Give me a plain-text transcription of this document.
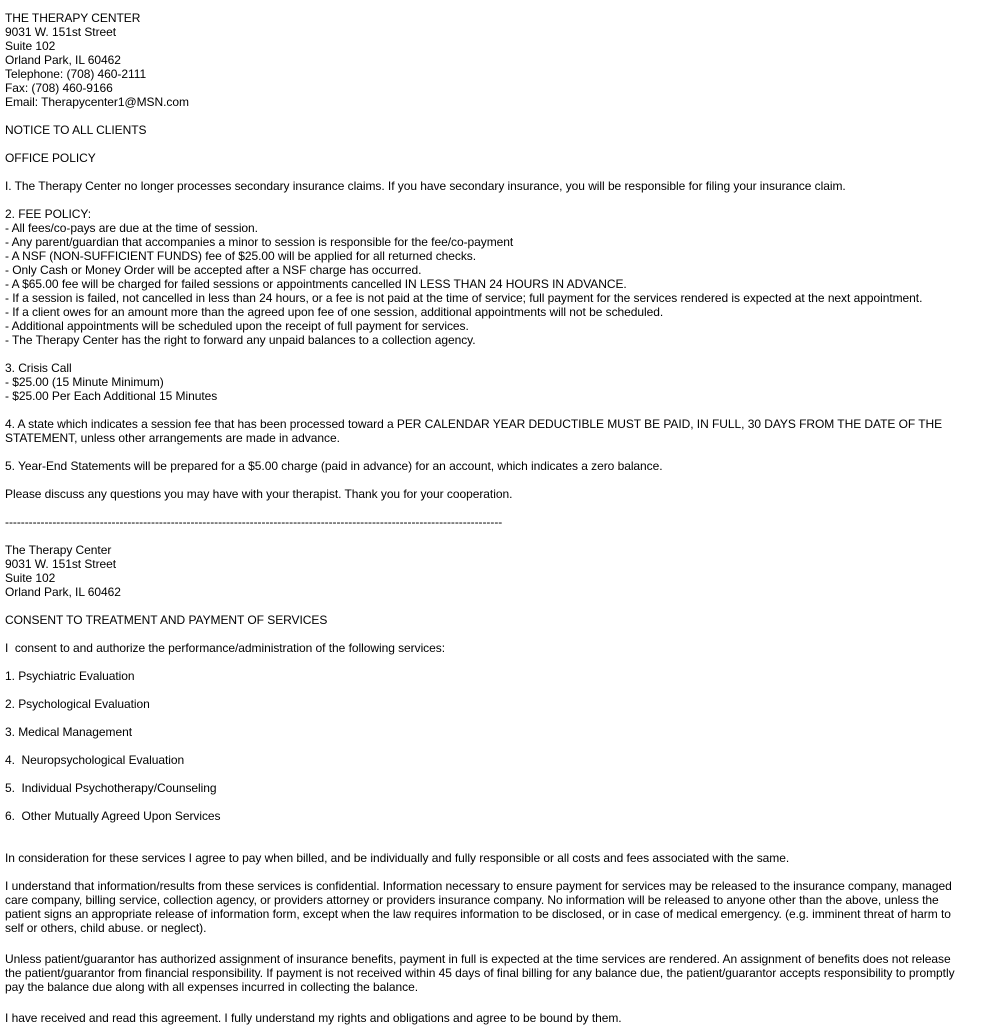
THE THERAPY CENTER
9031 W. 151st Street
Suite 102
Orland Park, IL 60462
Telephone: (708) 460-2111
Fax: (708) 460-9166
Email: Therapycenter1@MSN.com
NOTICE TO ALL CLIENTS
OFFICE POLICY
I. The Therapy Center no longer processes secondary insurance claims. If you have secondary insurance, you will be responsible for filing your insurance claim.
2. FEE POLICY:
- All fees/co-pays are due at the time of session.
- Any parent/guardian that accompanies a minor to session is responsible for the fee/co-payment
- A NSF (NON-SUFFICIENT FUNDS) fee of $25.00 will be applied for all returned checks.
- Only Cash or Money Order will be accepted after a NSF charge has occurred.
- A $65.00 fee will be charged for failed sessions or appointments cancelled IN LESS THAN 24 HOURS IN ADVANCE.
- If a session is failed, not cancelled in less than 24 hours, or a fee is not paid at the time of service; full payment for the services rendered is expected at the next appointment.
- If a client owes for an amount more than the agreed upon fee of one session, additional appointments will not be scheduled.
- Additional appointments will be scheduled upon the receipt of full payment for services.
- The Therapy Center has the right to forward any unpaid balances to a collection agency.
3. Crisis Call
- $25.00 (15 Minute Minimum)
- $25.00 Per Each Additional 15 Minutes
4. A state which indicates a session fee that has been processed toward a PER CALENDAR YEAR DEDUCTIBLE MUST BE PAID, IN FULL, 30 DAYS FROM THE DATE OF THE
STATEMENT, unless other arrangements are made in advance.
5. Year-End Statements will be prepared for a $5.00 charge (paid in advance) for an account, which indicates a zero balance.
Please discuss any questions you may have with your therapist. Thank you for your cooperation.
------------------------------------------------------------------------------------------------------------------------------
The Therapy Center
9031 W. 151st Street
Suite 102
Orland Park, IL 60462
CONSENT TO TREATMENT AND PAYMENT OF SERVICES
I  consent to and authorize the performance/administration of the following services:
1. Psychiatric Evaluation
2. Psychological Evaluation
3. Medical Management
4.  Neuropsychological Evaluation
5.  Individual Psychotherapy/Counseling
6.  Other Mutually Agreed Upon Services
In consideration for these services I agree to pay when billed, and be individually and fully responsible or all costs and fees associated with the same.
I understand that information/results from these services is confidential. Information necessary to ensure payment for services may be released to the insurance company, managed
care company, billing service, collection agency, or providers attorney or providers insurance company. No information will be released to anyone other than the above, unless the
patient signs an appropriate release of information form, except when the law requires information to be disclosed, or in case of medical emergency. (e.g. imminent threat of harm to
self or others, child abuse. or neglect).
Unless patient/guarantor has authorized assignment of insurance benefits, payment in full is expected at the time services are rendered. An assignment of benefits does not release
the patient/guarantor from financial responsibility. If payment is not received within 45 days of final billing for any balance due, the patient/guarantor accepts responsibility to promptly
pay the balance due along with all expenses incurred in collecting the balance.
I have received and read this agreement. I fully understand my rights and obligations and agree to be bound by them.
